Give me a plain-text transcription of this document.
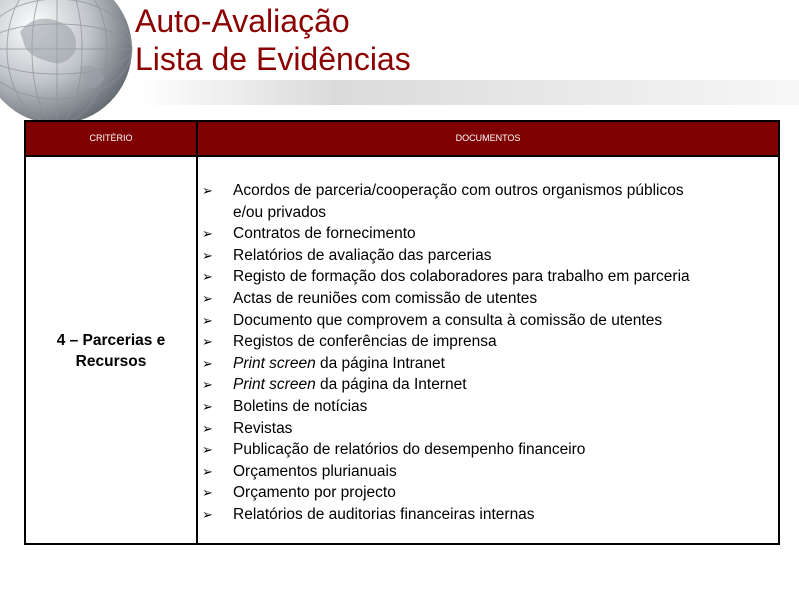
Auto-Avaliação
Lista de Evidências
CRITÉRIO	DOCUMENTOS
4 – Parcerias e
Recursos
➢ Acordos de parceria/cooperação com outros organismos públicos
e/ou privados
➢ Contratos de fornecimento
➢ Relatórios de avaliação das parcerias
➢ Registo de formação dos colaboradores para trabalho em parceria
➢ Actas de reuniões com comissão de utentes
➢ Documento que comprovem a consulta à comissão de utentes
➢ Registos de conferências de imprensa
➢ Print screen da página Intranet
➢ Print screen da página da Internet
➢ Boletins de notícias
➢ Revistas
➢ Publicação de relatórios do desempenho financeiro
➢ Orçamentos plurianuais
➢ Orçamento por projecto
➢ Relatórios de auditorias financeiras internas
